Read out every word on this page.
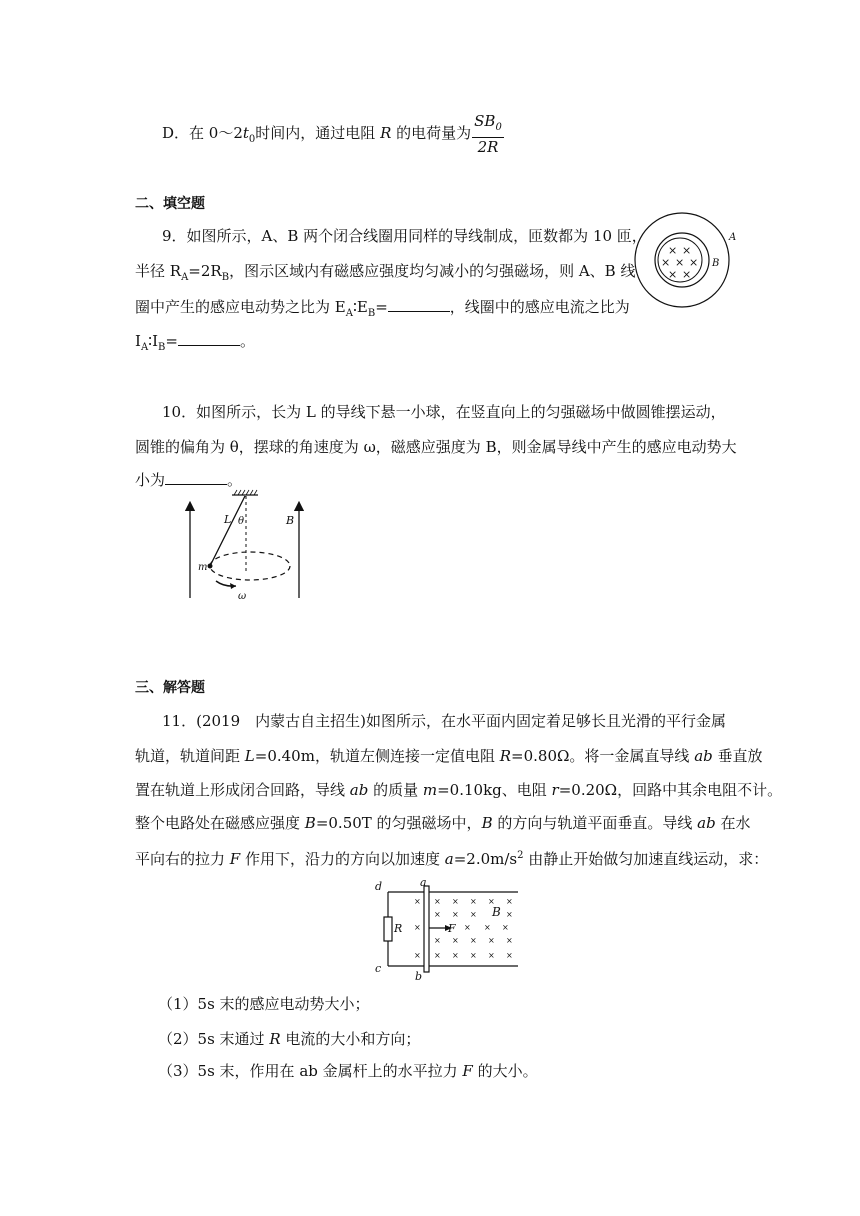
D．在 $0\sim 2t_0$时间内，通过电阻 R 的电荷量为 $\frac{SB_0}{2R}$
二、填空题
9．如图所示，A、B 两个闭合线圈用同样的导线制成，匝数都为 10 匝，
半径 $R_A=2R_B$，图示区域内有磁感应强度均匀减小的匀强磁场，则 A、B 线
圈中产生的感应电动势之比为 $E_A∶E_B=$	，线圈中的感应电流之比为
$I_A∶I_B=$	。
× ×
× × ×
× ×
B
A
10．如图所示，长为 L 的导线下悬一小球，在竖直向上的匀强磁场中做圆锥摆运动，
圆锥的偏角为 θ，摆球的角速度为 ω，磁感应强度为 B，则金属导线中产生的感应电动势大
小为	。
L θ	B
m
ω
三、解答题
11．(2019　内蒙古自主招生)如图所示，在水平面内固定着足够长且光滑的平行金属
轨道，轨道间距 L=0.40m，轨道左侧连接一定值电阻 R=0.80Ω。将一金属直导线 ab 垂直放
置在轨道上形成闭合回路，导线 ab 的质量 m=0.10kg、电阻 r=0.20Ω，回路中其余电阻不计。
整个电路处在磁感应强度 B=0.50T 的匀强磁场中，B 的方向与轨道平面垂直。导线 ab 在水
平向右的拉力 F 作用下，沿力的方向以加速度 $a=2.0m/s^2$ 由静止开始做匀加速直线运动，求：
× × × × × ×
× × ×	×
×	× × ×
× × × × ×
× × × × × ×
d	a
R	F
B
c
b
（1）5s 末的感应电动势大小；
（2）5s 末通过 R 电流的大小和方向；
（3）5s 末，作用在 ab 金属杆上的水平拉力 F 的大小。
